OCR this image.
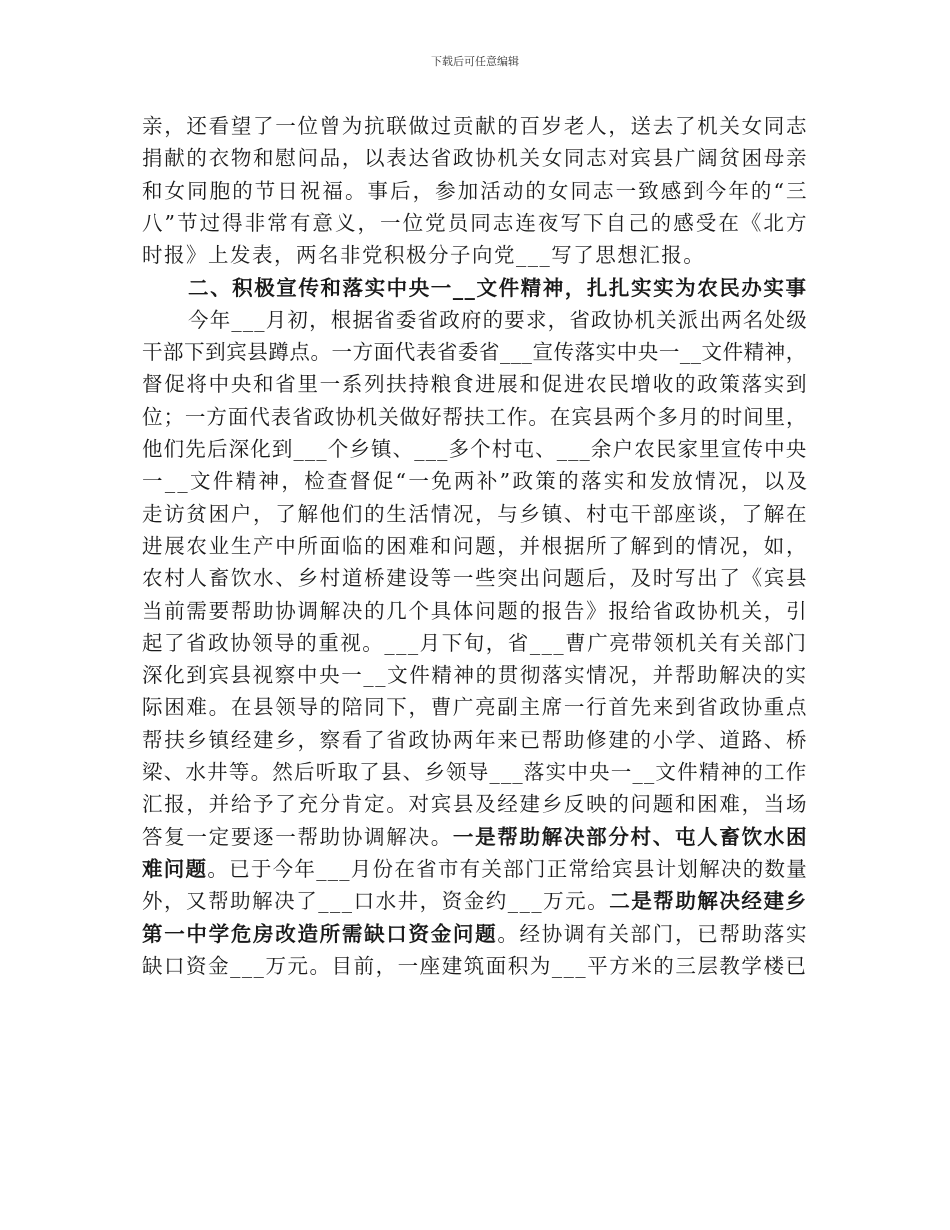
下载后可任意编辑
亲，还看望了一位曾为抗联做过贡献的百岁老人，送去了机关女同志
捐献的衣物和慰问品，以表达省政协机关女同志对宾县广阔贫困母亲
和女同胞的节日祝福。事后，参加活动的女同志一致感到今年的“三
八”节过得非常有意义，一位党员同志连夜写下自己的感受在《北方
时报》上发表，两名非党积极分子向党___写了思想汇报。
二、积极宣传和落实中央一__文件精神，扎扎实实为农民办实事
今年___月初，根据省委省政府的要求，省政协机关派出两名处级
干部下到宾县蹲点。一方面代表省委省___宣传落实中央一__文件精神，
督促将中央和省里一系列扶持粮食进展和促进农民增收的政策落实到
位；一方面代表省政协机关做好帮扶工作。在宾县两个多月的时间里，
他们先后深化到___个乡镇、___多个村屯、___余户农民家里宣传中央
一__文件精神，检查督促“一免两补”政策的落实和发放情况，以及
走访贫困户，了解他们的生活情况，与乡镇、村屯干部座谈，了解在
进展农业生产中所面临的困难和问题，并根据所了解到的情况，如，
农村人畜饮水、乡村道桥建设等一些突出问题后，及时写出了《宾县
当前需要帮助协调解决的几个具体问题的报告》报给省政协机关，引
起了省政协领导的重视。___月下旬，省___曹广亮带领机关有关部门
深化到宾县视察中央一__文件精神的贯彻落实情况，并帮助解决的实
际困难。在县领导的陪同下，曹广亮副主席一行首先来到省政协重点
帮扶乡镇经建乡，察看了省政协两年来已帮助修建的小学、道路、桥
梁、水井等。然后听取了县、乡领导___落实中央一__文件精神的工作
汇报，并给予了充分肯定。对宾县及经建乡反映的问题和困难，当场
答复一定要逐一帮助协调解决。一是帮助解决部分村、屯人畜饮水困
难问题。已于今年___月份在省市有关部门正常给宾县计划解决的数量
外，又帮助解决了___口水井，资金约___万元。二是帮助解决经建乡
第一中学危房改造所需缺口资金问题。经协调有关部门，已帮助落实
缺口资金___万元。目前，一座建筑面积为___平方米的三层教学楼已
